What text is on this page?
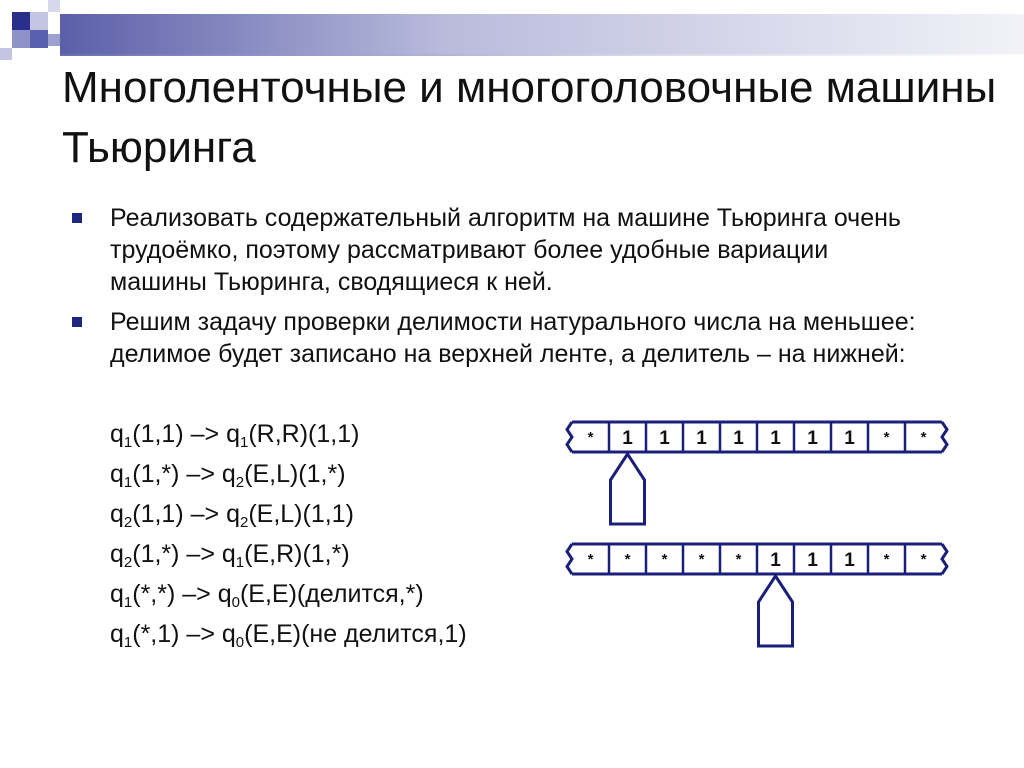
Многоленточные и многоголовочные машины Тьюринга
Реализовать содержательный алгоритм на машине Тьюринга очень трудоёмко, поэтому рассматривают более удобные вариации машины Тьюринга, сводящиеся к ней.
Решим задачу проверки делимости натурального числа на меньшее: делимое будет записано на верхней ленте, а делитель – на нижней:
$q_1(1,1) -> q_1(R,R)(1,1)$
$q_1(1,*) -> q_2(E,L)(1,*)$
$q_2(1,1) -> q_2(E,L)(1,1)$
$q_2(1,*) -> q_1(E,R)(1,*)$
$q_1(*,*)$ –> $q_0(E,E)(делится,*)$
$q_1(*,1) -> q_0(E,E)(не$ делится,1)
* 1 1 1 1 1 1 1 * *
* * * * * 1 1 1 * *
